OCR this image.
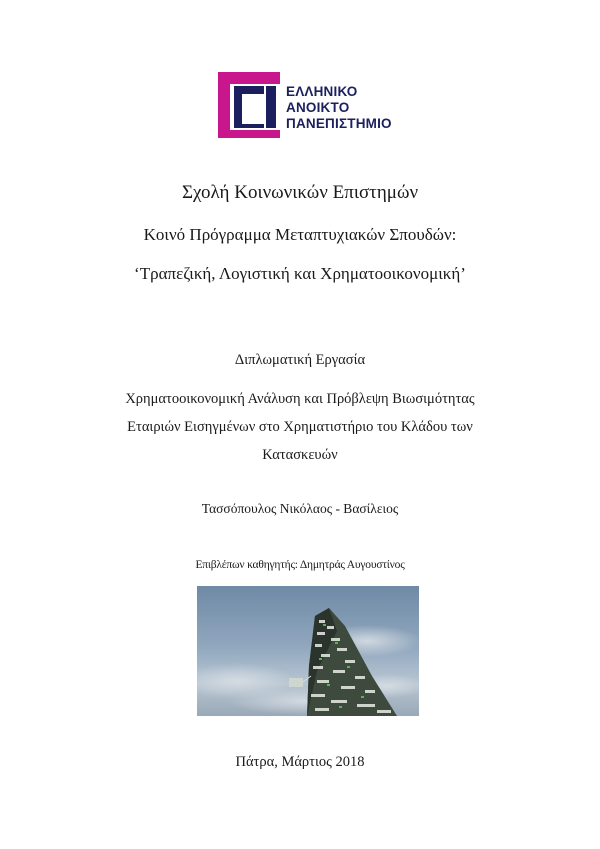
ΕΛΛΗΝΙΚΟ
ΑΝΟΙΚΤΟ
ΠΑΝΕΠΙΣΤΗΜΙΟ
Σχολή Κοινωνικών Επιστημών
Κοινό Πρόγραμμα Μεταπτυχιακών Σπουδών:
‘Τραπεζική, Λογιστική και Χρηματοοικονομική’
Διπλωματική Εργασία
Χρηματοοικονομική Ανάλυση και Πρόβλεψη Βιωσιμότητας
Εταιριών Εισηγμένων στο Χρηματιστήριο του Κλάδου των
Κατασκευών
Τασσόπουλος Νικόλαος - Βασίλειος
Επιβλέπων καθηγητής: Δημητράς Αυγουστίνος
Πάτρα, Μάρτιος 2018
